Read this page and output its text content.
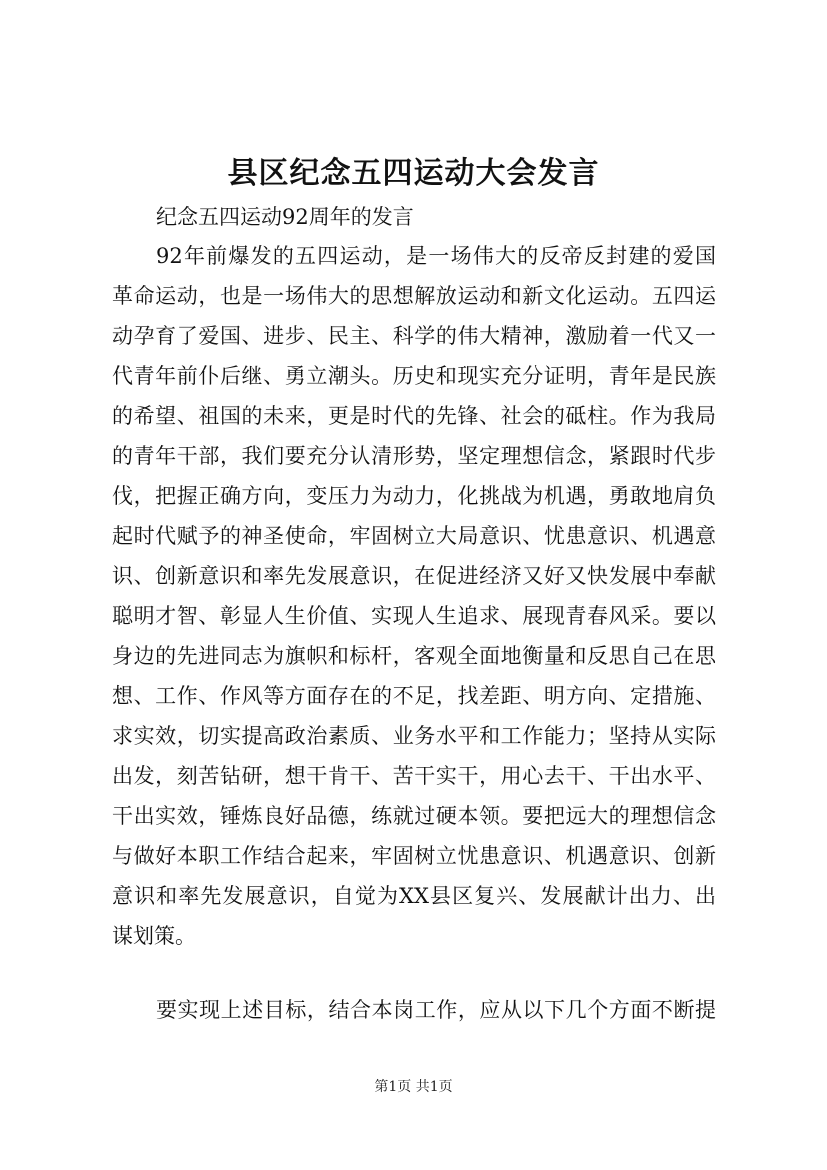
县区纪念五四运动大会发言
纪念五四运动92周年的发言
92年前爆发的五四运动，是一场伟大的反帝反封建的爱国
革命运动，也是一场伟大的思想解放运动和新文化运动。五四运
动孕育了爱国、进步、民主、科学的伟大精神，激励着一代又一
代青年前仆后继、勇立潮头。历史和现实充分证明，青年是民族
的希望、祖国的未来，更是时代的先锋、社会的砥柱。作为我局
的青年干部，我们要充分认清形势，坚定理想信念，紧跟时代步
伐，把握正确方向，变压力为动力，化挑战为机遇，勇敢地肩负
起时代赋予的神圣使命，牢固树立大局意识、忧患意识、机遇意
识、创新意识和率先发展意识，在促进经济又好又快发展中奉献
聪明才智、彰显人生价值、实现人生追求、展现青春风采。要以
身边的先进同志为旗帜和标杆，客观全面地衡量和反思自己在思
想、工作、作风等方面存在的不足，找差距、明方向、定措施、
求实效，切实提高政治素质、业务水平和工作能力；坚持从实际
出发，刻苦钻研，想干肯干、苦干实干，用心去干、干出水平、
干出实效，锤炼良好品德，练就过硬本领。要把远大的理想信念
与做好本职工作结合起来，牢固树立忧患意识、机遇意识、创新
意识和率先发展意识，自觉为XX县区复兴、发展献计出力、出
谋划策。
要实现上述目标，结合本岗工作，应从以下几个方面不断提
第1页 共1页
